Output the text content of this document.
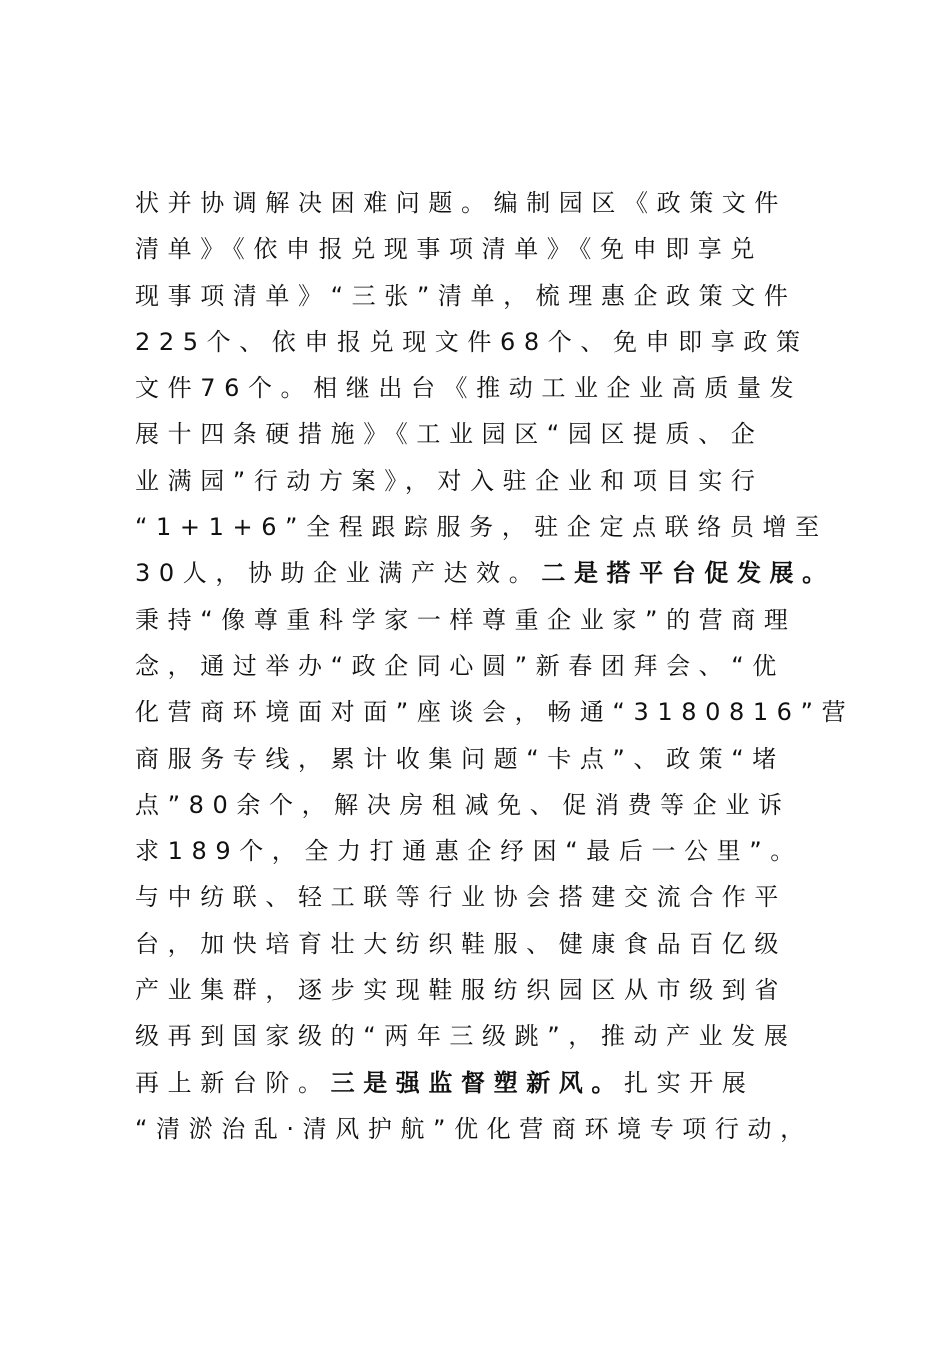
状并协调解决困难问题。编制园区《政策文件
清单》《依申报兑现事项清单》《免申即享兑
现事项清单》“三张”清单，梳理惠企政策文件
225个、依申报兑现文件68个、免申即享政策
文件76个。相继出台《推动工业企业高质量发
展十四条硬措施》《工业园区“园区提质、企
业满园”行动方案》，对入驻企业和项目实行
“1+1+6”全程跟踪服务，驻企定点联络员增至
30人，协助企业满产达效。二是搭平台促发展。
秉持“像尊重科学家一样尊重企业家”的营商理
念，通过举办“政企同心圆”新春团拜会、“优
化营商环境面对面”座谈会，畅通“3180816”营
商服务专线，累计收集问题“卡点”、政策“堵
点”80余个，解决房租减免、促消费等企业诉
求189个，全力打通惠企纾困“最后一公里”。
与中纺联、轻工联等行业协会搭建交流合作平
台，加快培育壮大纺织鞋服、健康食品百亿级
产业集群，逐步实现鞋服纺织园区从市级到省
级再到国家级的“两年三级跳”，推动产业发展
再上新台阶。三是强监督塑新风。扎实开展
“清淤治乱·清风护航”优化营商环境专项行动，
